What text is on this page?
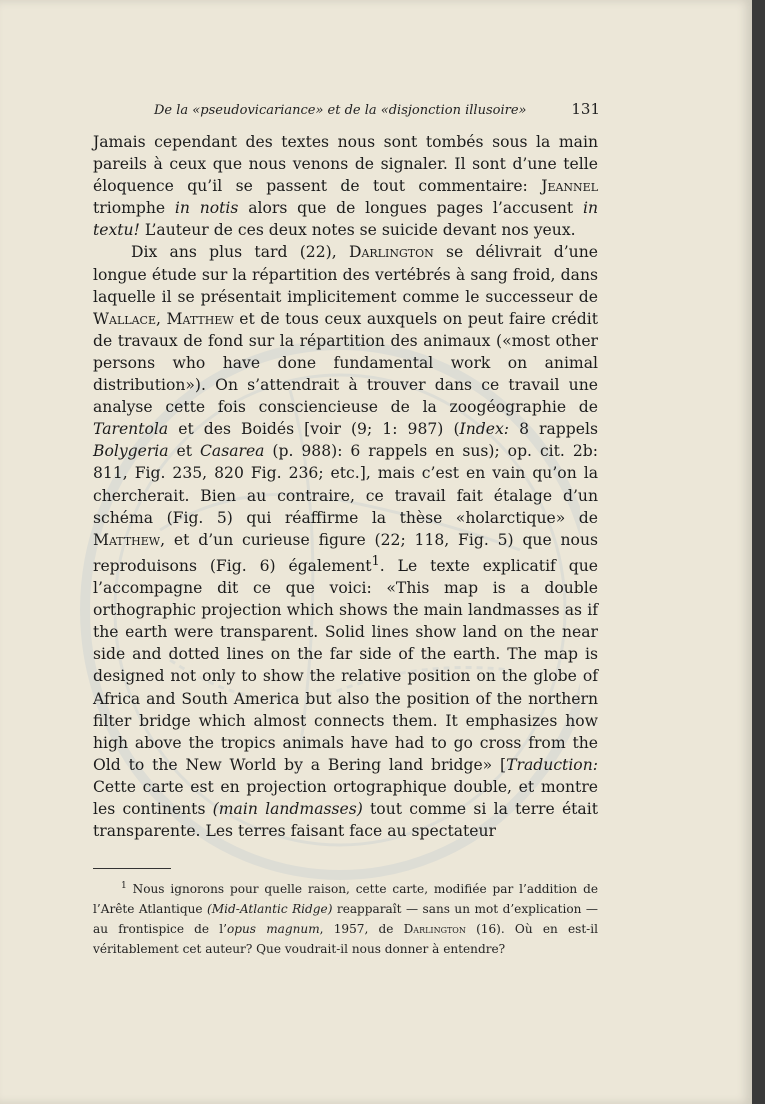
De la «pseudovicariance» et de la «disjonction illusoire»	131

Jamais cependant des textes nous sont tombés sous la main pareils à ceux que nous venons de signaler. Il sont d’une telle éloquence qu’il se passent de tout commentaire: Jeannel triomphe in notis alors que de longues pages l’accusent in textu! L’auteur de ces deux notes se suicide devant nos yeux.

Dix ans plus tard (22), Darlington se délivrait d’une longue étude sur la répartition des vertébrés à sang froid, dans laquelle il se présentait implicitement comme le successeur de Wallace, Matthew et de tous ceux auxquels on peut faire crédit de travaux de fond sur la répartition des animaux («most other persons who have done fundamental work on animal distribution»). On s’attendrait à trouver dans ce travail une analyse cette fois consciencieuse de la zoogéographie de Tarentola et des Boidés [voir (9; 1: 987) (Index: 8 rappels Bolygeria et Casarea (p. 988): 6 rappels en sus); op. cit. 2b: 811, Fig. 235, 820 Fig. 236; etc.], mais c’est en vain qu’on la chercherait. Bien au contraire, ce travail fait étalage d’un schéma (Fig. 5) qui réaffirme la thèse «holarctique» de Matthew, et d’un curieuse figure (22; 118, Fig. 5) que nous reproduisons (Fig. 6) également$^1$. Le texte explicatif que l’accompagne dit ce que voici: «This map is a double orthographic projection which shows the main landmasses as if the earth were transparent. Solid lines show land on the near side and dotted lines on the far side of the earth. The map is designed not only to show the relative position on the globe of Africa and South America but also the position of the northern filter bridge which almost connects them. It emphasizes how high above the tropics animals have had to go cross from the Old to the New World by a Bering land bridge» [Traduction: Cette carte est en projection ortographique double, et montre les continents (main landmasses) tout comme si la terre était transparente. Les terres faisant face au spectateur

$^1$ Nous ignorons pour quelle raison, cette carte, modifiée par l’addition de l’Arête Atlantique (Mid-Atlantic Ridge) reapparaît — sans un mot d’explication — au frontispice de l’opus magnum, 1957, de Darlington (16). Où en est-il véritablement cet auteur? Que voudrait-il nous donner à entendre?
